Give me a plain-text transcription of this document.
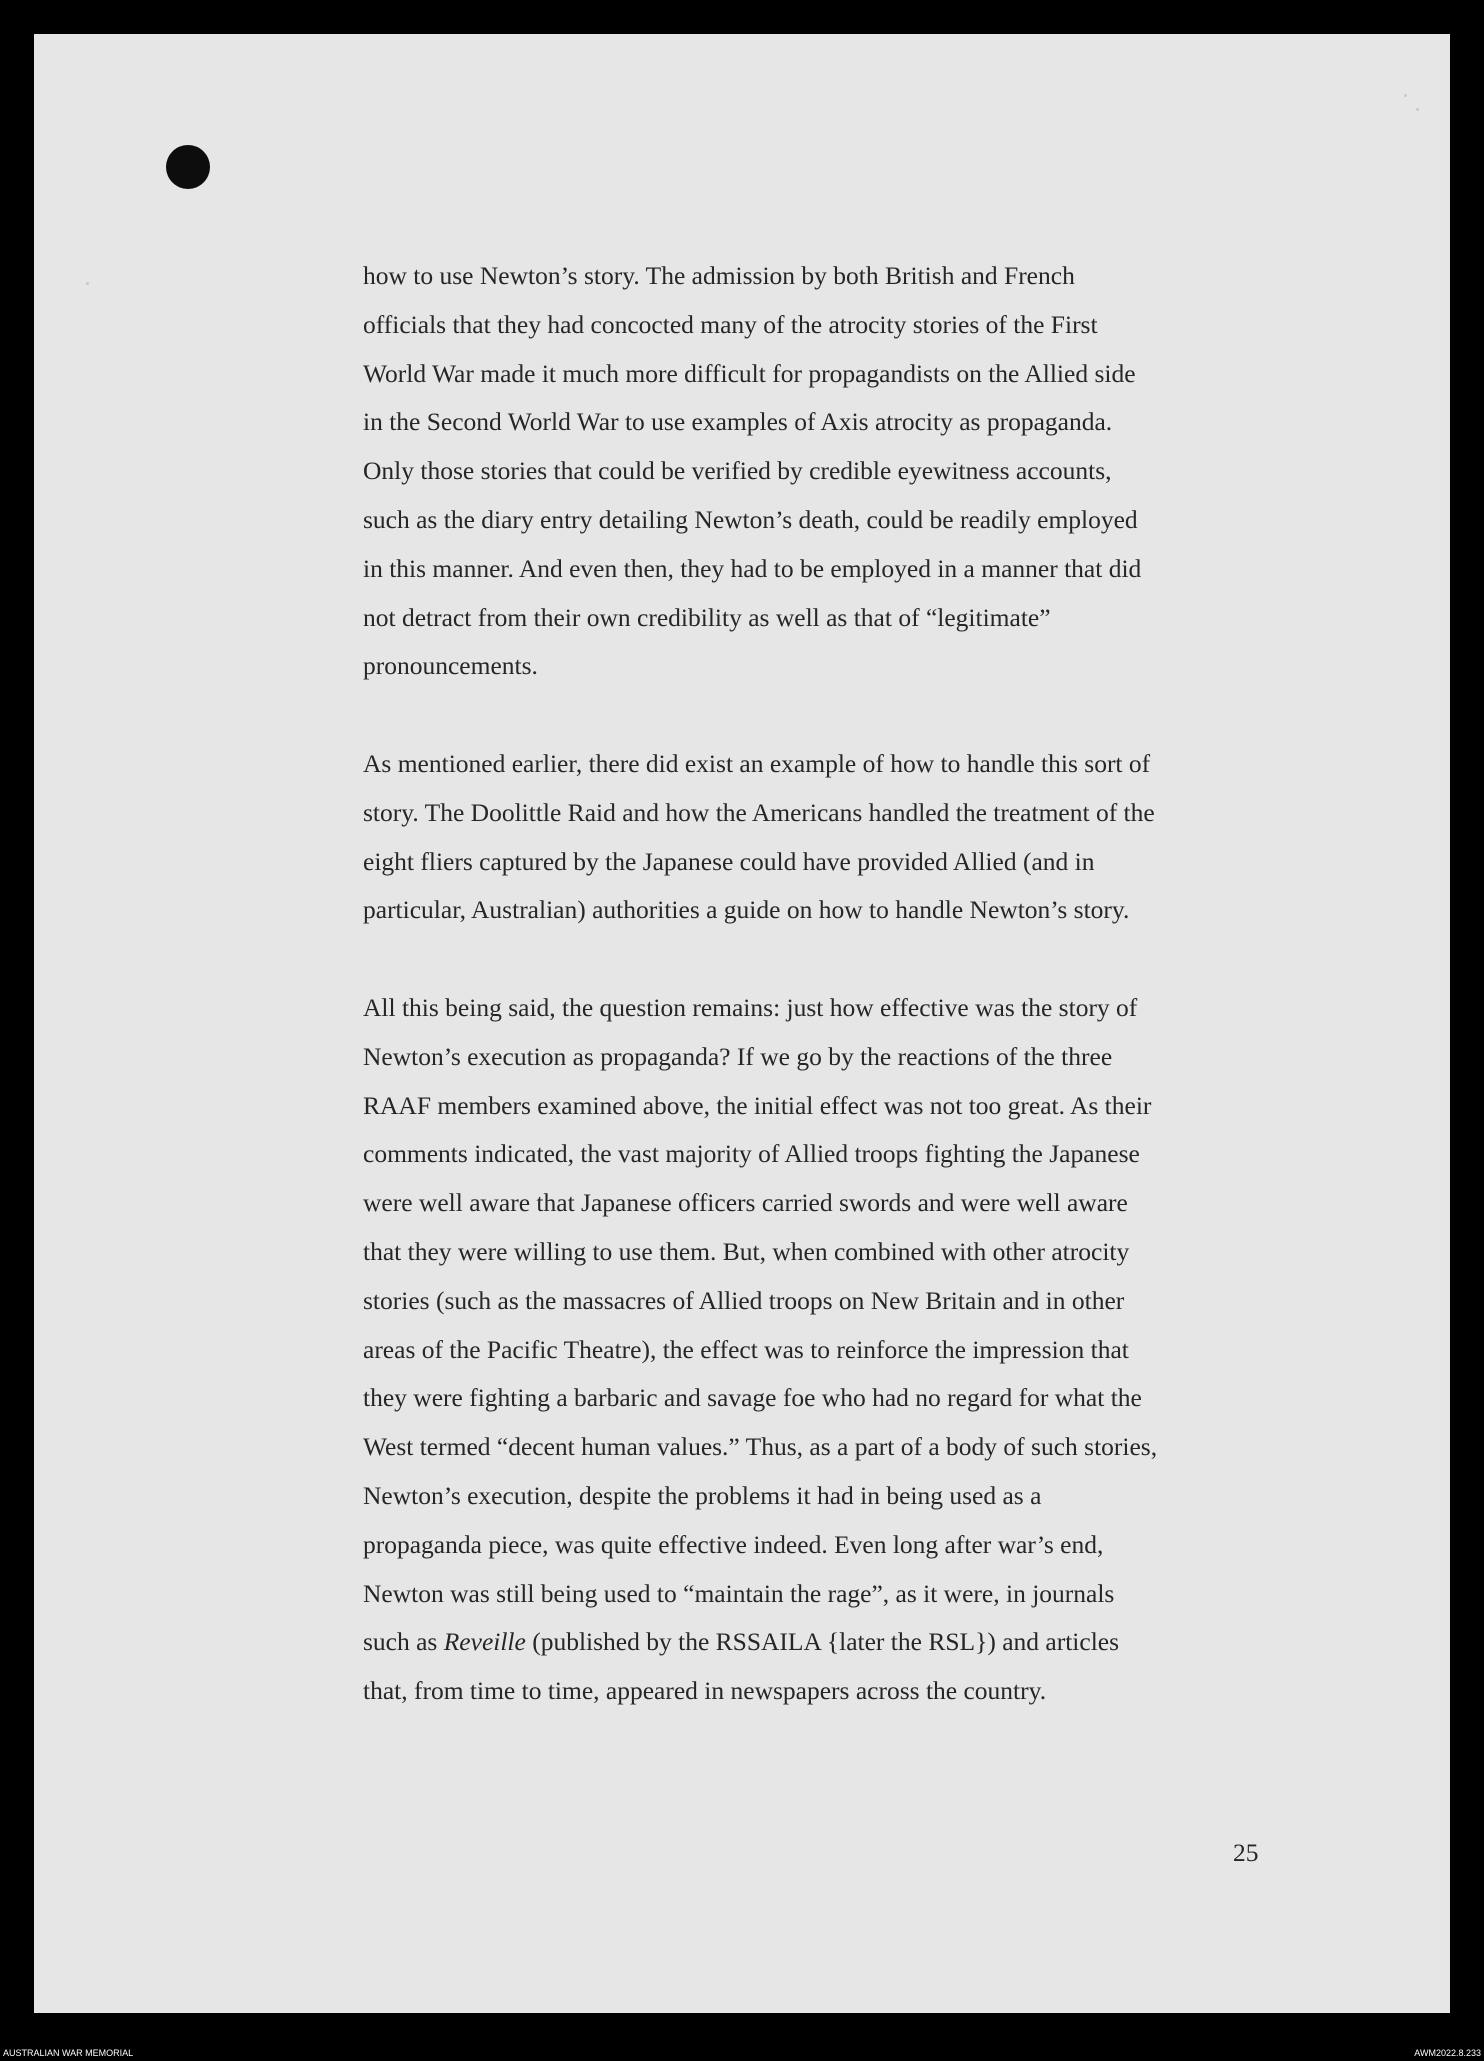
how to use Newton’s story. The admission by both British and French
officials that they had concocted many of the atrocity stories of the First
World War made it much more difficult for propagandists on the Allied side
in the Second World War to use examples of Axis atrocity as propaganda.
Only those stories that could be verified by credible eyewitness accounts,
such as the diary entry detailing Newton’s death, could be readily employed
in this manner. And even then, they had to be employed in a manner that did
not detract from their own credibility as well as that of “legitimate”
pronouncements.
As mentioned earlier, there did exist an example of how to handle this sort of
story. The Doolittle Raid and how the Americans handled the treatment of the
eight fliers captured by the Japanese could have provided Allied (and in
particular, Australian) authorities a guide on how to handle Newton’s story.
All this being said, the question remains: just how effective was the story of
Newton’s execution as propaganda? If we go by the reactions of the three
RAAF members examined above, the initial effect was not too great. As their
comments indicated, the vast majority of Allied troops fighting the Japanese
were well aware that Japanese officers carried swords and were well aware
that they were willing to use them. But, when combined with other atrocity
stories (such as the massacres of Allied troops on New Britain and in other
areas of the Pacific Theatre), the effect was to reinforce the impression that
they were fighting a barbaric and savage foe who had no regard for what the
West termed “decent human values.” Thus, as a part of a body of such stories,
Newton’s execution, despite the problems it had in being used as a
propaganda piece, was quite effective indeed. Even long after war’s end,
Newton was still being used to “maintain the rage”, as it were, in journals
such as Reveille (published by the RSSAILA {later the RSL}) and articles
that, from time to time, appeared in newspapers across the country.
25
AUSTRALIAN WAR MEMORIAL	AWM2022.8.233
